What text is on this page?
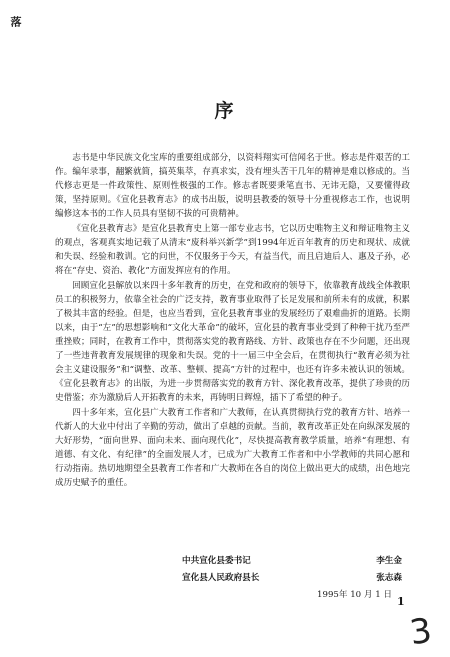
落
序

志书是中华民族文化宝库的重要组成部分，以资料翔实可信闻名于世。修志是件艰苦的工作。编年录事，翻繁就简，搞英集萃，存真求实，没有埋头苦干几年的精神是难以修成的。当代修志更是一件政策性、原则性极强的工作。修志者既要秉笔直书、无讳无隐，又要懂得政策，坚持原则。《宣化县教育志》的成书出版，说明县教委的领导十分重视修志工作，也说明编修这本书的工作人员具有坚韧不拔的可贵精神。

《宣化县教育志》是宣化县教育史上第一部专业志书，它以历史唯物主义和辩证唯物主义的观点，客观真实地记载了从清末“废科举兴新学”到1994年近百年教育的历史和现状、成就和失误、经验和教训。它的问世，不仅服务于今天，有益当代，而且启迪后人、惠及子孙，必将在“存史、资治、教化”方面发挥应有的作用。

回顾宣化县解放以来四十多年教育的历史，在党和政府的领导下，依靠教育战线全体教职员工的积极努力，依靠全社会的广泛支持，教育事业取得了长足发展和前所未有的成就，积累了极其丰富的经验。但是，也应当看到，宣化县教育事业的发展经历了艰难曲折的道路。长期以来，由于“左”的思想影响和“文化大革命”的破坏，宣化县的教育事业受到了种种干扰乃至严重挫败；同时，在教育工作中，贯彻落实党的教育路线、方针、政策也存在不少问题，还出现了一些违背教育发展规律的现象和失误。党的十一届三中全会后，在贯彻执行“教育必须为社会主义建设服务”和“调整、改革、整顿、提高”方针的过程中，也还有许多未被认识的领域。《宣化县教育志》的出版，为进一步贯彻落实党的教育方针、深化教育改革，提供了珍贵的历史借鉴；亦为激励后人开拓教育的未来，再铸明日辉煌，插下了希望的种子。

四十多年来，宣化县广大教育工作者和广大教师，在认真贯彻执行党的教育方针、培养一代新人的大业中付出了辛勤的劳动，做出了卓越的贡献。当前，教育改革正处在向纵深发展的大好形势，“面向世界、面向未来、面向现代化”，尽快提高教育教学质量，培养“有理想、有道德、有文化、有纪律”的全面发展人才，已成为广大教育工作者和中小学教师的共同心愿和行动指南。热切地期望全县教育工作者和广大教师在各自的岗位上做出更大的成绩，出色地完成历史赋予的重任。

中共宣化县委书记	李生金
宣化县人民政府县长	张志森
1995年 10 月 1 日 1
3
